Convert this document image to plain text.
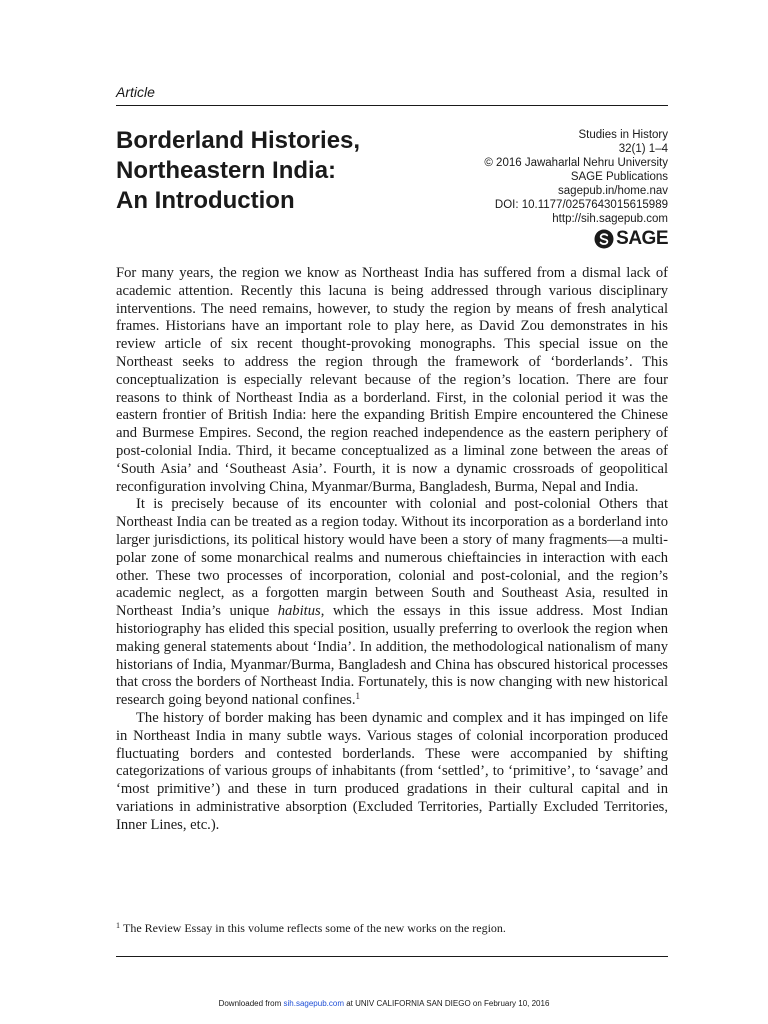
Article
Borderland Histories,
Northeastern India:
An Introduction
Studies in History
32(1) 1–4
© 2016 Jawaharlal Nehru University
SAGE Publications
sagepub.in/home.nav
DOI: 10.1177/0257643015615989
http://sih.sagepub.com
SAGE

For many years, the region we know as Northeast India has suffered from a dismal lack of academic attention. Recently this lacuna is being addressed through various disciplinary interventions. The need remains, however, to study the region by means of fresh analytical frames. Historians have an important role to play here, as David Zou demonstrates in his review article of six recent thought-provoking monographs. This special issue on the Northeast seeks to address the region through the framework of ‘borderlands’. This conceptualization is especially relevant because of the region’s location. There are four reasons to think of Northeast India as a borderland. First, in the colonial period it was the eastern frontier of British India: here the expanding British Empire encountered the Chinese and Burmese Empires. Second, the region reached independence as the eastern periphery of post-colonial India. Third, it became conceptualized as a liminal zone between the areas of ‘South Asia’ and ‘Southeast Asia’. Fourth, it is now a dynamic crossroads of geopolitical reconfiguration involving China, Myanmar/Burma, Bangladesh, Burma, Nepal and India.

It is precisely because of its encounter with colonial and post-colonial Others that Northeast India can be treated as a region today. Without its incorporation as a borderland into larger jurisdictions, its political history would have been a story of many fragments—a multi-polar zone of some monarchical realms and numerous chieftaincies in interaction with each other. These two processes of incorporation, colonial and post-colonial, and the region’s academic neglect, as a forgotten margin between South and Southeast Asia, resulted in Northeast India’s unique habitus, which the essays in this issue address. Most Indian historiography has elided this special position, usually preferring to overlook the region when making general statements about ‘India’. In addition, the methodological nationalism of many historians of India, Myanmar/Burma, Bangladesh and China has obscured historical processes that cross the borders of Northeast India. Fortunately, this is now changing with new historical research going beyond national confines.$^1$

The history of border making has been dynamic and complex and it has impinged on life in Northeast India in many subtle ways. Various stages of colonial incorporation produced fluctuating borders and contested borderlands. These were accompanied by shifting categorizations of various groups of inhabitants (from ‘settled’, to ‘primitive’, to ‘savage’ and ‘most primitive’) and these in turn produced gradations in their cultural capital and in variations in administrative absorption (Excluded Territories, Partially Excluded Territories, Inner Lines, etc.).

$^1$ The Review Essay in this volume reflects some of the new works on the region.
Downloaded from sih.sagepub.com at UNIV CALIFORNIA SAN DIEGO on February 10, 2016
